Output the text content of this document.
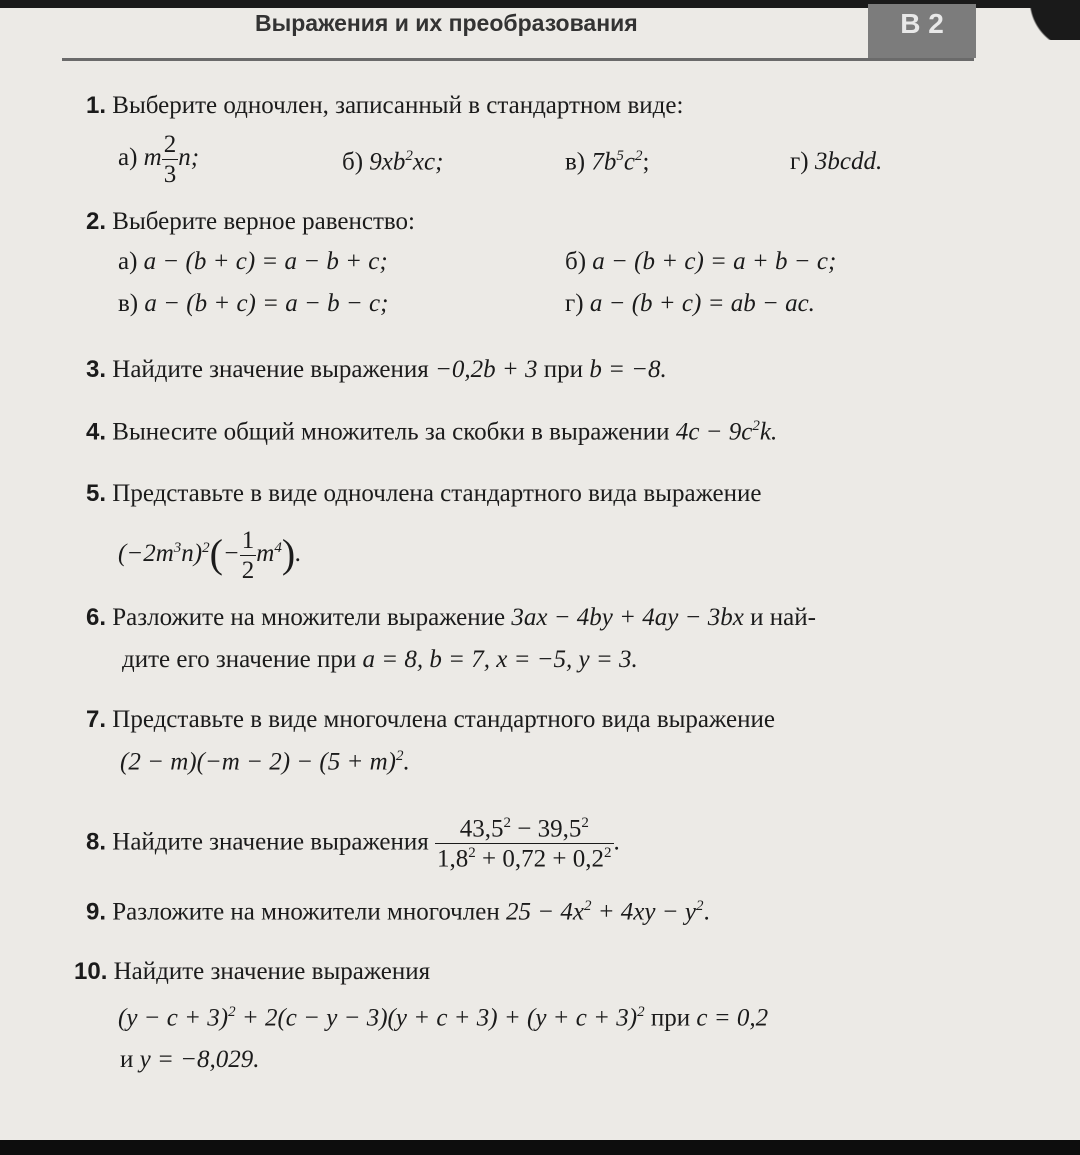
Выражения и их преобразования	В 2
1. Выберите одночлен, записанный в стандартном виде:
а) m $\frac{2}{3} n$;	б) $9xb^2xc$;	в) $7b^5c^2$;	г) 3bcdd.
2. Выберите верное равенство:
а) a − (b + c) = a − b + c;	б) a − (b + c) = a + b − c;
в) a − (b + c) = a − b − c;	г) a − (b + c) = ab − ac.
3. Найдите значение выражения −0,2b + 3 при b = −8.
4. Вынесите общий множитель за скобки в выражении $4c - 9c^2k$.
5. Представьте в виде одночлена стандартного вида выражение
$(-2m^3n)^2(- \frac{1}{2} m^4)$.
6. Разложите на множители выражение 3ax − 4by + 4ay − 3bx и най-
дите его значение при a = 8, b = 7, x = −5, y = 3.
7. Представьте в виде многочлена стандартного вида выражение
$(2 - m)(-m - 2) - (5 + m)^2$.
8. Найдите значение выражения $\frac{43,5^2 - 39,5^2}{1,8^2 + 0,72 + 0,2^2}$ .
9. Разложите на множители многочлен $25 - 4x^2 + 4xy - y^2$.
10. Найдите значение выражения
$(y - c + 3)^2 + 2(c - y - 3)(y + c + 3) + (y + c + 3)^2$ при c = 0,2
и y = −8,029.
